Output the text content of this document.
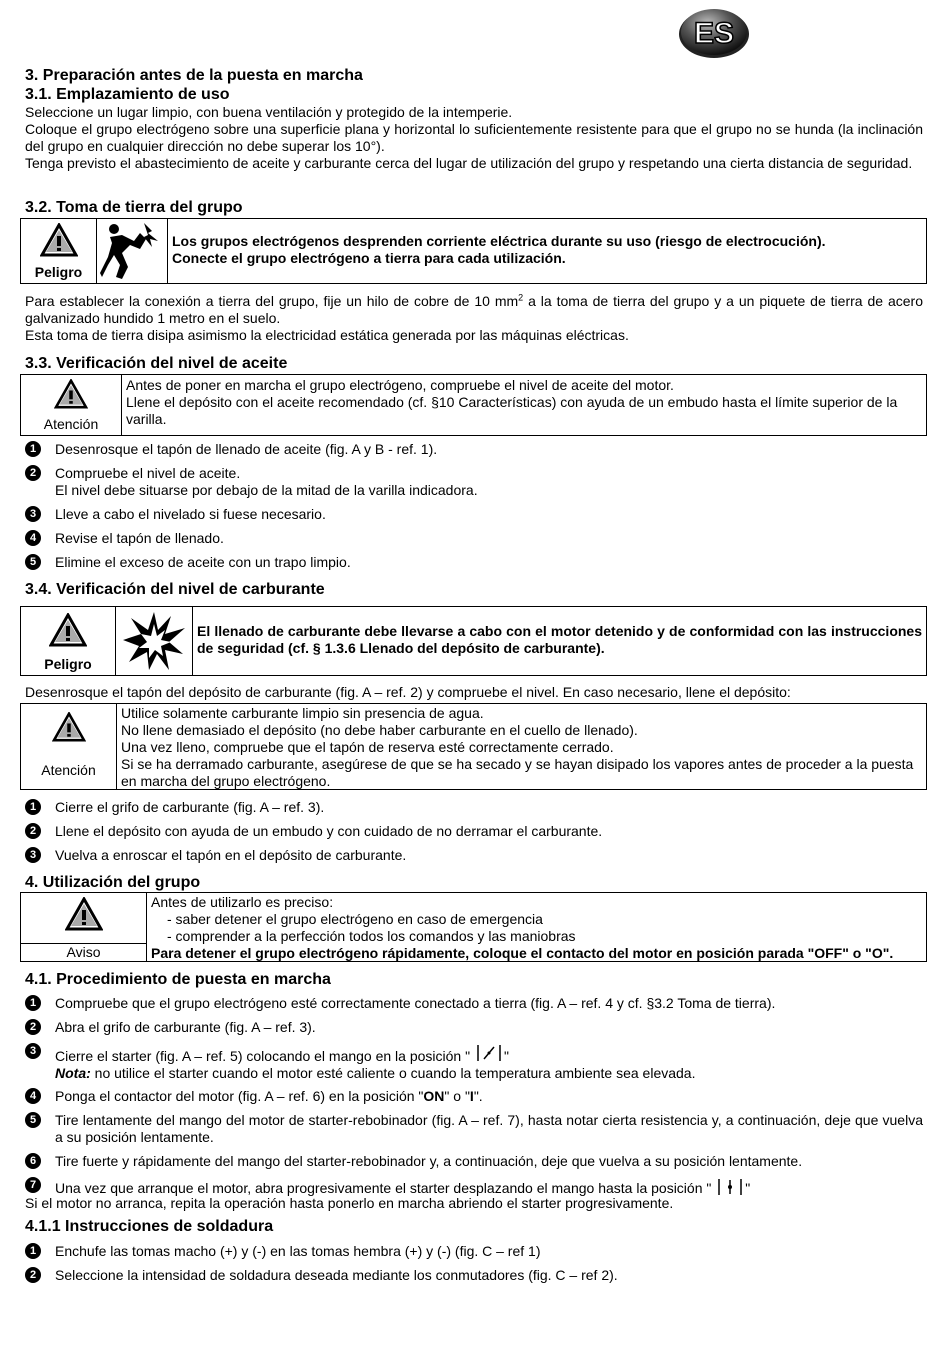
ES
3. Preparación antes de la puesta en marcha
3.1. Emplazamiento de uso

Seleccione un lugar limpio, con buena ventilación y protegido de la intemperie.

Coloque el grupo electrógeno sobre una superficie plana y horizontal lo suficientemente resistente para que el grupo no se hunda (la inclinación del grupo en cualquier dirección no debe superar los 10°).

Tenga previsto el abastecimiento de aceite y carburante cerca del lugar de utilización del grupo y respetando una cierta distancia de seguridad.

3.2. Toma de tierra del grupo
Peligro

Los grupos electrógenos desprenden corriente eléctrica durante su uso (riesgo de electrocución).

Conecte el grupo electrógeno a tierra para cada utilización.

Para establecer la conexión a tierra del grupo, fije un hilo de cobre de 10 $mm^2$ a la toma de tierra del grupo y a un piquete de tierra de acero galvanizado hundido 1 metro en el suelo.

Esta toma de tierra disipa asimismo la electricidad estática generada por las máquinas eléctricas.

3.3. Verificación del nivel de aceite
Atención

Antes de poner en marcha el grupo electrógeno, compruebe el nivel de aceite del motor.

Llene el depósito con el aceite recomendado (cf. §10 Características) con ayuda de un embudo hasta el límite superior de la varilla.

1	Desenrosque el tapón de llenado de aceite (fig. A y B - ref. 1).
2	Compruebe el nivel de aceite.
El nivel debe situarse por debajo de la mitad de la varilla indicadora.
3	Lleve a cabo el nivelado si fuese necesario.
4	Revise el tapón de llenado.
5	Elimine el exceso de aceite con un trapo limpio.
3.4. Verificación del nivel de carburante
Peligro
El llenado de carburante debe llevarse a cabo con el motor detenido y de conformidad con las instrucciones de seguridad (cf. § 1.3.6 Llenado del depósito de carburante).

Desenrosque el tapón del depósito de carburante (fig. A – ref. 2) y compruebe el nivel. En caso necesario, llene el depósito:

Atención

Utilice solamente carburante limpio sin presencia de agua.

No llene demasiado el depósito (no debe haber carburante en el cuello de llenado).

Una vez lleno, compruebe que el tapón de reserva esté correctamente cerrado.

Si se ha derramado carburante, asegúrese de que se ha secado y se hayan disipado los vapores antes de proceder a la puesta en marcha del grupo electrógeno.

1	Cierre el grifo de carburante (fig. A – ref. 3).
2	Llene el depósito con ayuda de un embudo y con cuidado de no derramar el carburante.
3	Vuelva a enroscar el tapón en el depósito de carburante.
4. Utilización del grupo
Aviso

Antes de utilizarlo es preciso:

- saber detener el grupo electrógeno en caso de emergencia

- comprender a la perfección todos los comandos y las maniobras

Para detener el grupo electrógeno rápidamente, coloque el contacto del motor en posición parada "OFF" o "O".

4.1. Procedimiento de puesta en marcha
1	Compruebe que el grupo electrógeno esté correctamente conectado a tierra (fig. A – ref. 4 y cf. §3.2 Toma de tierra).
2	Abra el grifo de carburante (fig. A – ref. 3).
3	Cierre el starter (fig. A – ref. 5) colocando el mango en la posición " "
Nota: no utilice el starter cuando el motor esté caliente o cuando la temperatura ambiente sea elevada.
4	Ponga el contactor del motor (fig. A – ref. 6) en la posición "ON" o "I".
5	Tire lentamente del mango del motor de starter-rebobinador (fig. A – ref. 7), hasta notar cierta resistencia y, a continuación, deje que vuelva a su posición lentamente.
6	Tire fuerte y rápidamente del mango del starter-rebobinador y, a continuación, deje que vuelva a su posición lentamente.
7	Una vez que arranque el motor, abra progresivamente el starter desplazando el mango hasta la posición " "

Si el motor no arranca, repita la operación hasta ponerlo en marcha abriendo el starter progresivamente.

4.1.1 Instrucciones de soldadura
1	Enchufe las tomas macho (+) y (-) en las tomas hembra (+) y (-) (fig. C – ref 1)
2	Seleccione la intensidad de soldadura deseada mediante los conmutadores (fig. C – ref 2).
